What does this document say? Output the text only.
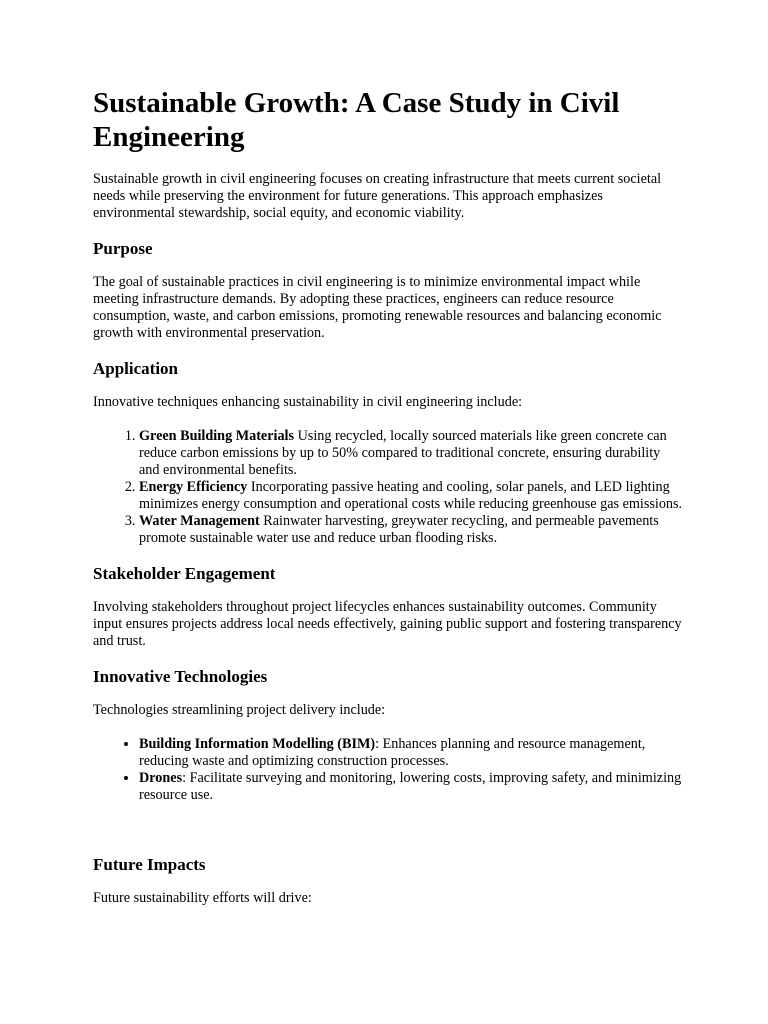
Sustainable Growth: A Case Study in Civil Engineering

Sustainable growth in civil engineering focuses on creating infrastructure that meets current societal needs while preserving the environment for future generations. This approach emphasizes environmental stewardship, social equity, and economic viability.

Purpose

The goal of sustainable practices in civil engineering is to minimize environmental impact while meeting infrastructure demands. By adopting these practices, engineers can reduce resource consumption, waste, and carbon emissions, promoting renewable resources and balancing economic growth with environmental preservation.

Application

Innovative techniques enhancing sustainability in civil engineering include:

1. Green Building Materials Using recycled, locally sourced materials like green concrete can reduce carbon emissions by up to 50% compared to traditional concrete, ensuring durability and environmental benefits.
2. Energy Efficiency Incorporating passive heating and cooling, solar panels, and LED lighting minimizes energy consumption and operational costs while reducing greenhouse gas emissions.
3. Water Management Rainwater harvesting, greywater recycling, and permeable pavements promote sustainable water use and reduce urban flooding risks.
Stakeholder Engagement

Involving stakeholders throughout project lifecycles enhances sustainability outcomes. Community input ensures projects address local needs effectively, gaining public support and fostering transparency and trust.

Innovative Technologies

Technologies streamlining project delivery include:

• Building Information Modelling (BIM): Enhances planning and resource management, reducing waste and optimizing construction processes.
• Drones: Facilitate surveying and monitoring, lowering costs, improving safety, and minimizing resource use.
Future Impacts

Future sustainability efforts will drive:
